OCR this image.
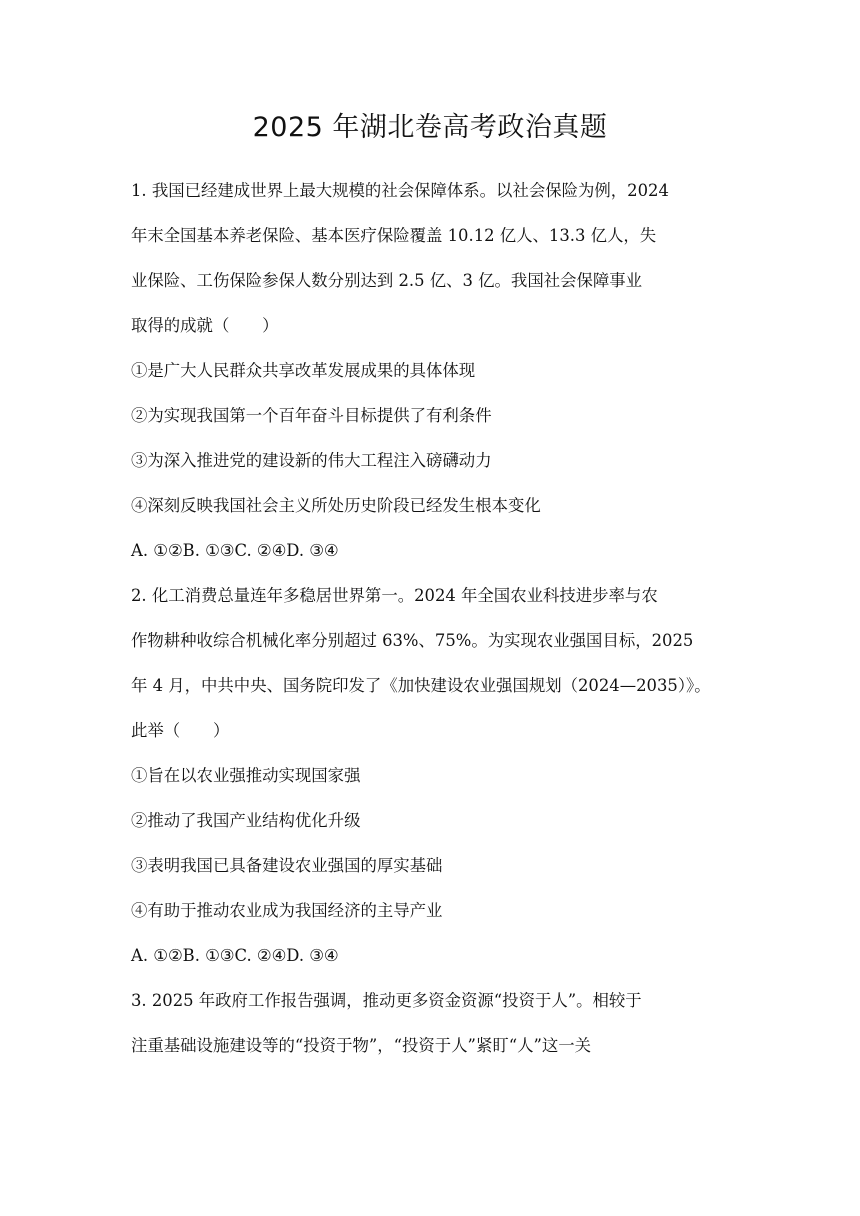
2025 年湖北卷高考政治真题
1. 我国已经建成世界上最大规模的社会保障体系。以社会保险为例，2024
年末全国基本养老保险、基本医疗保险覆盖 10.12 亿人、13.3 亿人，失
业保险、工伤保险参保人数分别达到 2.5 亿、3 亿。我国社会保障事业
取得的成就（　　）
①是广大人民群众共享改革发展成果的具体体现
②为实现我国第一个百年奋斗目标提供了有利条件
③为深入推进党的建设新的伟大工程注入磅礴动力
④深刻反映我国社会主义所处历史阶段已经发生根本变化
A. ①②B. ①③C. ②④D. ③④
2. 化工消费总量连年多稳居世界第一。2024 年全国农业科技进步率与农
作物耕种收综合机械化率分别超过 63%、75%。为实现农业强国目标，2025
年 4 月，中共中央、国务院印发了《加快建设农业强国规划（2024—2035）》。
此举（　　）
①旨在以农业强推动实现国家强
②推动了我国产业结构优化升级
③表明我国已具备建设农业强国的厚实基础
④有助于推动农业成为我国经济的主导产业
A. ①②B. ①③C. ②④D. ③④
3. 2025 年政府工作报告强调，推动更多资金资源“投资于人”。相较于
注重基础设施建设等的“投资于物”，“投资于人”紧盯“人”这一关
